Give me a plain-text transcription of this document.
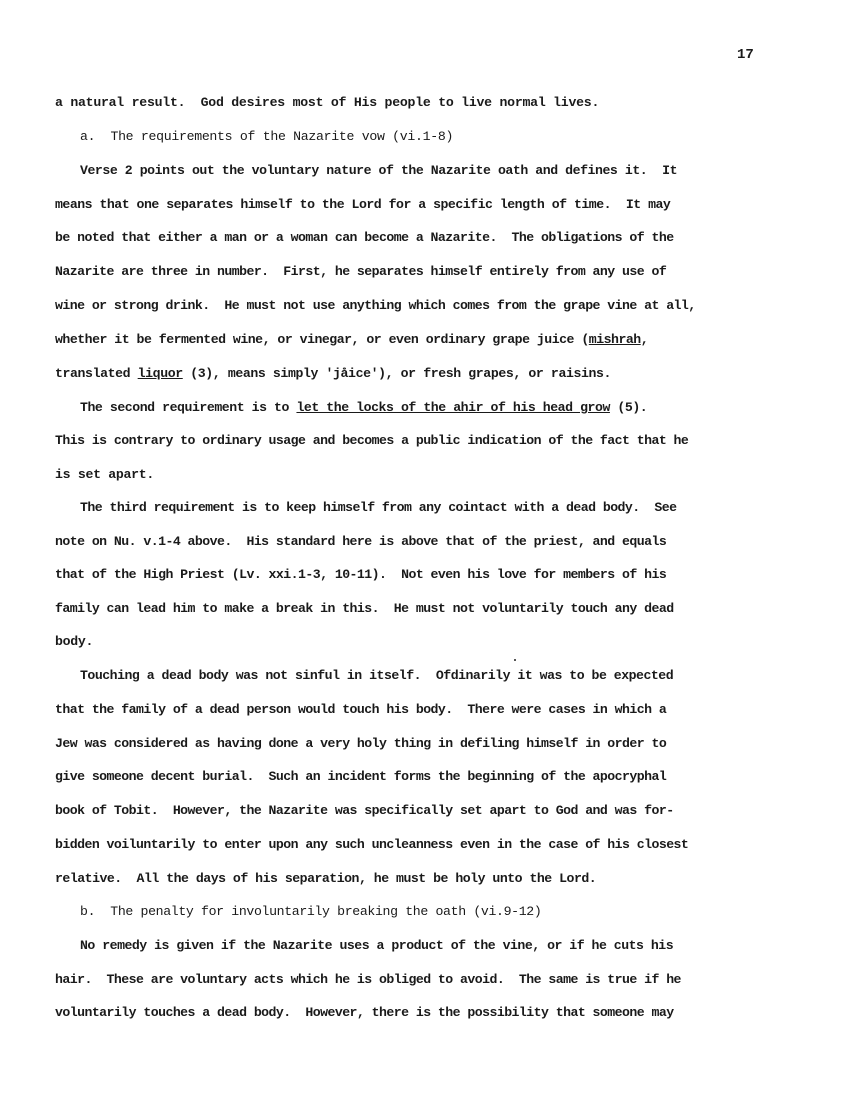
17
a natural result.  God desires most of His people to live normal lives.
a.  The requirements of the Nazarite vow (vi.1-8)
Verse 2 points out the voluntary nature of the Nazarite oath and defines it.  It
means that one separates himself to the Lord for a specific length of time.  It may
be noted that either a man or a woman can become a Nazarite.  The obligations of the
Nazarite are three in number.  First, he separates himself entirely from any use of
wine or strong drink.  He must not use anything which comes from the grape vine at all,
whether it be fermented wine, or vinegar, or even ordinary grape juice (mishrah,
translated liquor (3), means simply 'jåice'), or fresh grapes, or raisins.
The second requirement is to let the locks of the ahir of his head grow (5).
This is contrary to ordinary usage and becomes a public indication of the fact that he
is set apart.
The third requirement is to keep himself from any cointact with a dead body.  See
note on Nu. v.1-4 above.  His standard here is above that of the priest, and equals
that of the High Priest (Lv. xxi.1-3, 10-11).  Not even his love for members of his
family can lead him to make a break in this.  He must not voluntarily touch any dead
body.
Touching a dead body was not sinful in itself.  Ofdinarily it was to be expected
that the family of a dead person would touch his body.  There were cases in which a
Jew was considered as having done a very holy thing in defiling himself in order to
give someone decent burial.  Such an incident forms the beginning of the apocryphal
book of Tobit.  However, the Nazarite was specifically set apart to God and was for-
bidden voiluntarily to enter upon any such uncleanness even in the case of his closest
relative.  All the days of his separation, he must be holy unto the Lord.
b.  The penalty for involuntarily breaking the oath (vi.9-12)
No remedy is given if the Nazarite uses a product of the vine, or if he cuts his
hair.  These are voluntary acts which he is obliged to avoid.  The same is true if he
voluntarily touches a dead body.  However, there is the possibility that someone may
